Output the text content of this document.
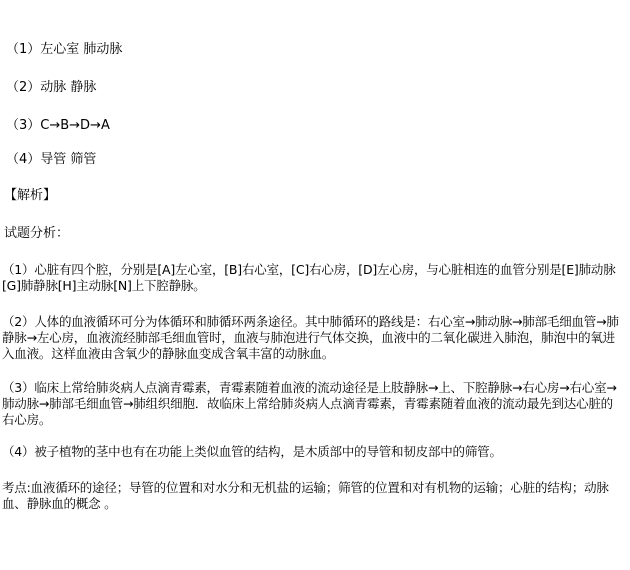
（1）左心室 肺动脉
（2）动脉 静脉
（3）C→B→D→A
（4）导管 筛管
【解析】
试题分析：
（1）心脏有四个腔，分别是[A]左心室，[B]右心室，[C]右心房，[D]左心房，与心脏相连的血管分别是[E]肺动脉[G]肺静脉[H]主动脉[N]上下腔静脉。
（2）人体的血液循环可分为体循环和肺循环两条途径。其中肺循环的路线是：右心室→肺动脉→肺部毛细血管→肺静脉→左心房，血液流经肺部毛细血管时，血液与肺泡进行气体交换，血液中的二氧化碳进入肺泡，肺泡中的氧进入血液。这样血液由含氧少的静脉血变成含氧丰富的动脉血。
（3）临床上常给肺炎病人点滴青霉素，青霉素随着血液的流动途径是上肢静脉→上、下腔静脉→右心房→右心室→肺动脉→肺部毛细血管→肺组织细胞．故临床上常给肺炎病人点滴青霉素，青霉素随着血液的流动最先到达心脏的右心房。
（4）被子植物的茎中也有在功能上类似血管的结构，是木质部中的导管和韧皮部中的筛管。
考点:血液循环的途径；导管的位置和对水分和无机盐的运输；筛管的位置和对有机物的运输；心脏的结构；动脉血、静脉血的概念 。
